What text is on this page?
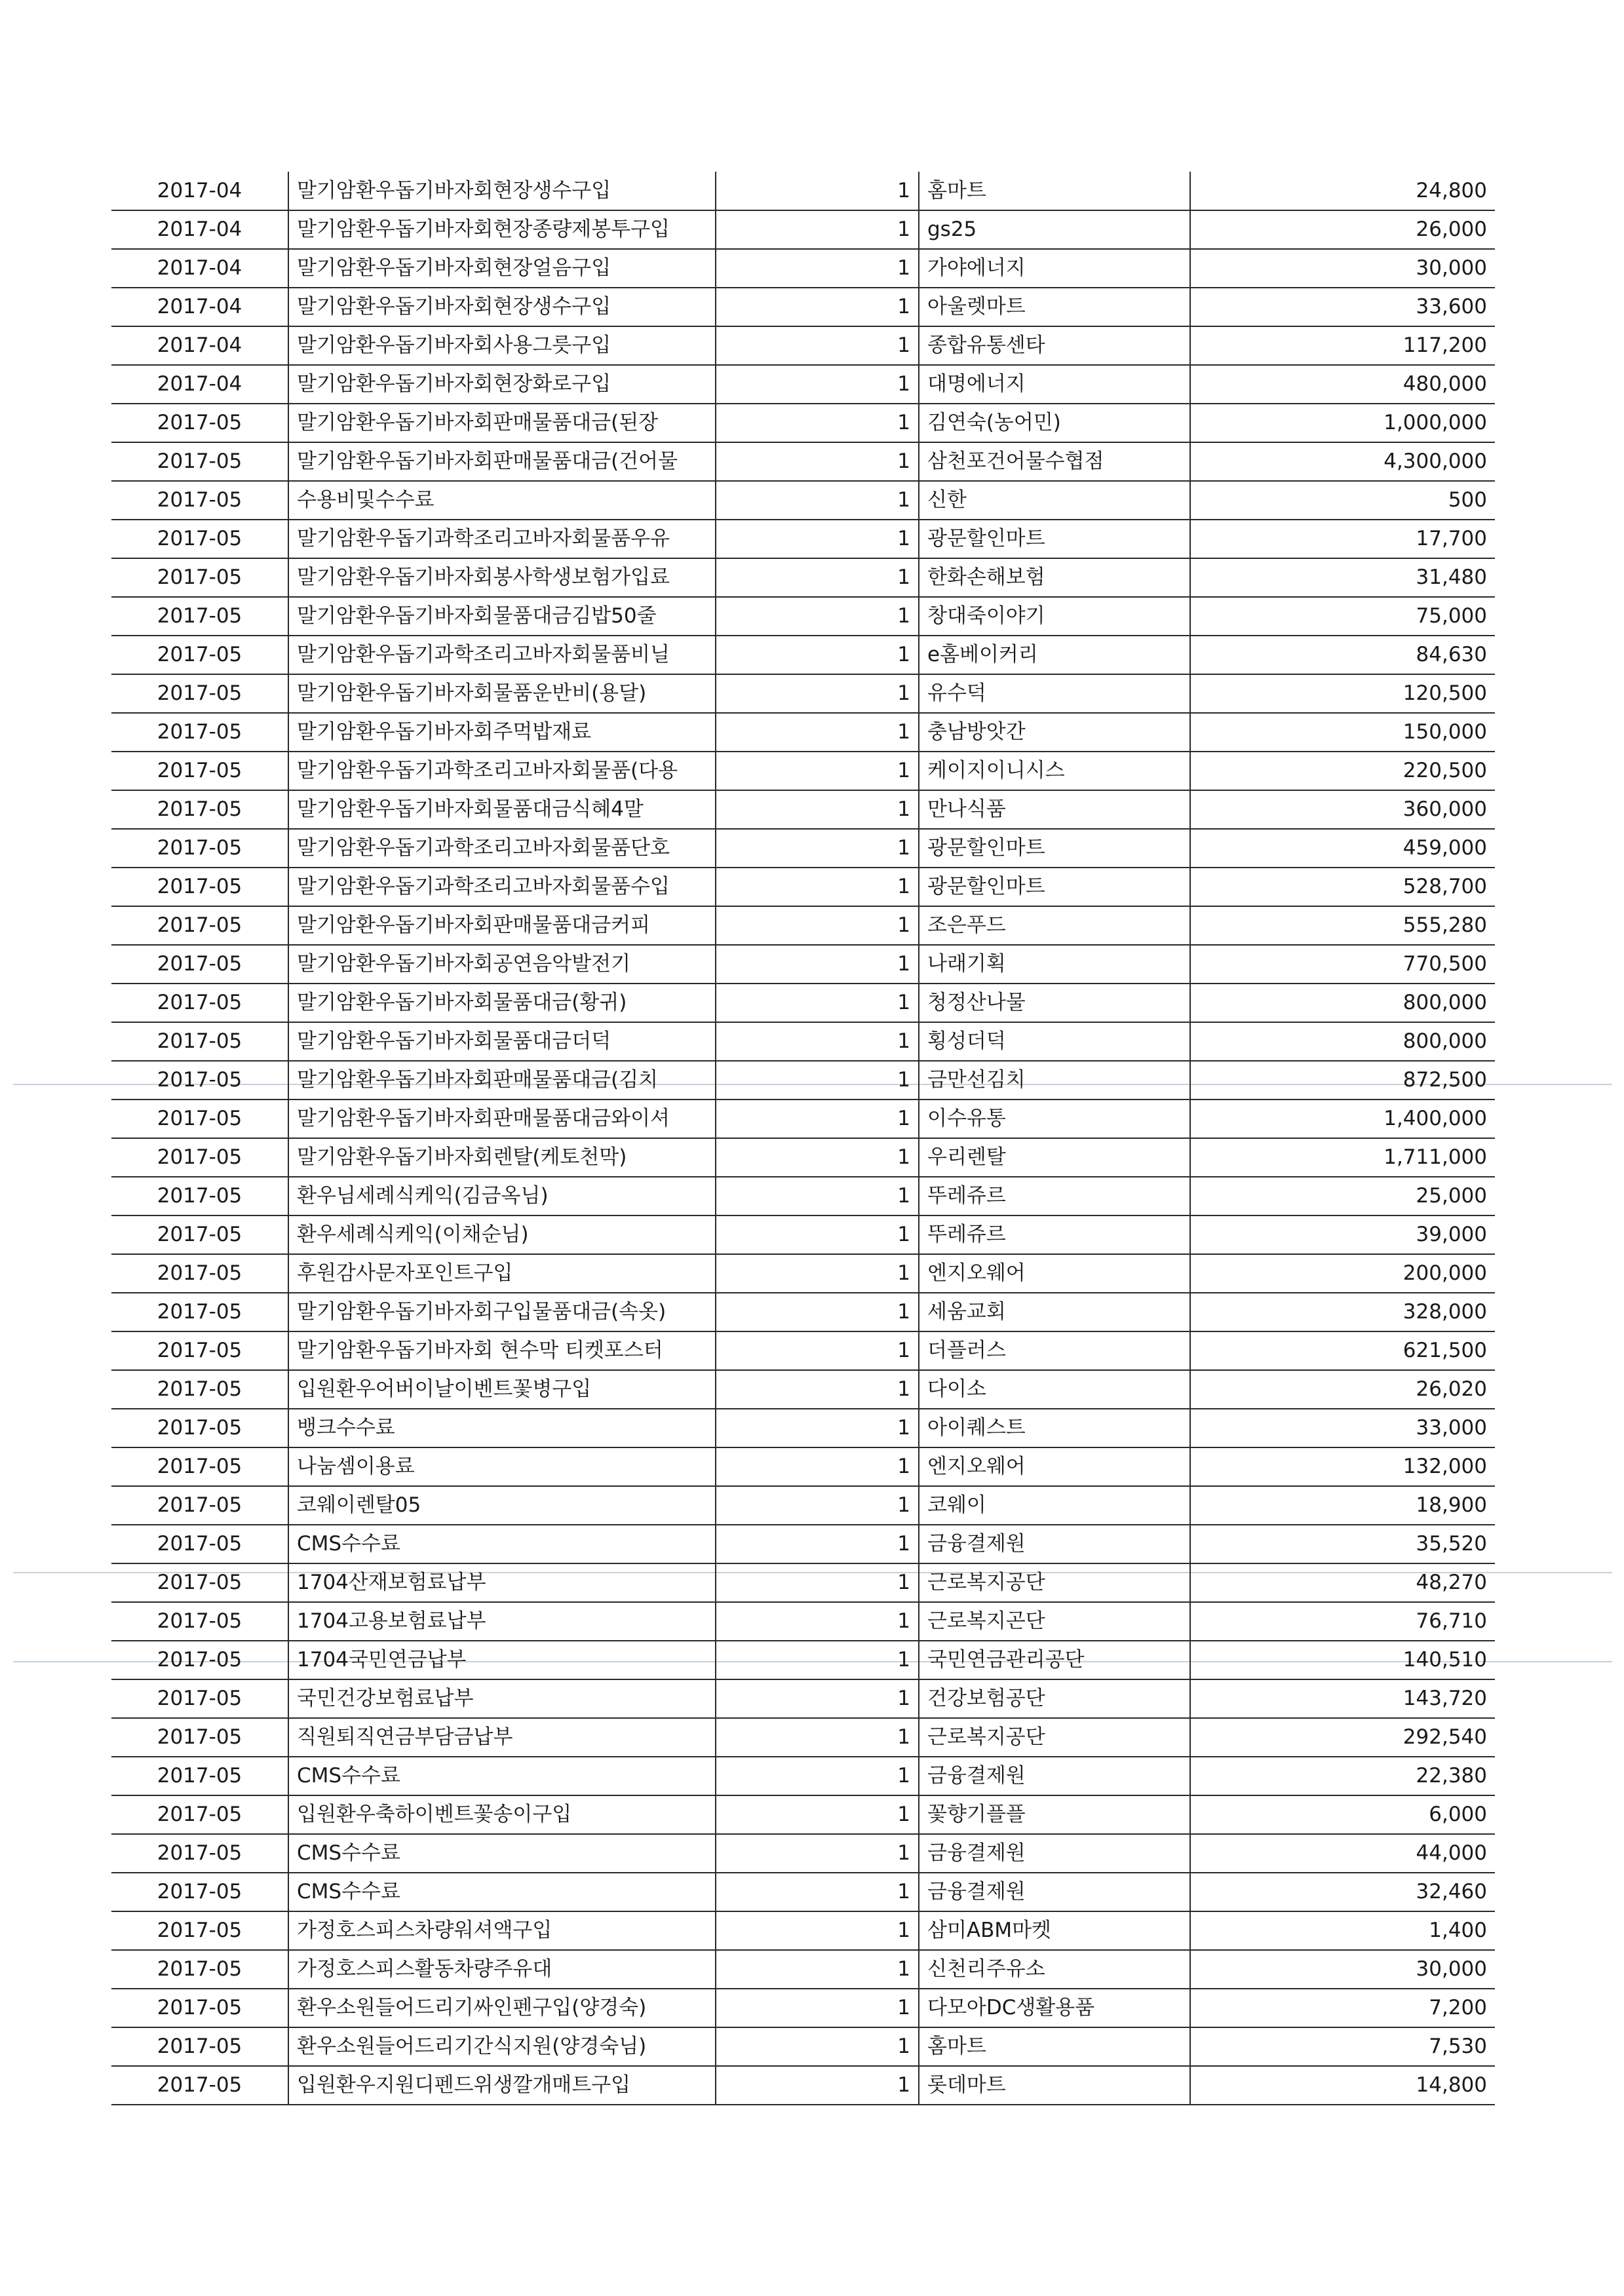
2017-04	말기암환우돕기바자회현장생수구입	1	홈마트	24,800
2017-04	말기암환우돕기바자회현장종량제봉투구입	1	gs25	26,000
2017-04	말기암환우돕기바자회현장얼음구입	1	가야에너지	30,000
2017-04	말기암환우돕기바자회현장생수구입	1	아울렛마트	33,600
2017-04	말기암환우돕기바자회사용그릇구입	1	종합유통센타	117,200
2017-04	말기암환우돕기바자회현장화로구입	1	대명에너지	480,000
2017-05	말기암환우돕기바자회판매물품대금(된장	1	김연숙(농어민)	1,000,000
2017-05	말기암환우돕기바자회판매물품대금(건어물	1	삼천포건어물수협점	4,300,000
2017-05	수용비및수수료	1	신한	500
2017-05	말기암환우돕기과학조리고바자회물품우유	1	광문할인마트	17,700
2017-05	말기암환우돕기바자회봉사학생보험가입료	1	한화손해보험	31,480
2017-05	말기암환우돕기바자회물품대금김밥50줄	1	창대죽이야기	75,000
2017-05	말기암환우돕기과학조리고바자회물품비닐	1	e홈베이커리	84,630
2017-05	말기암환우돕기바자회물품운반비(용달)	1	유수덕	120,500
2017-05	말기암환우돕기바자회주먹밥재료	1	충남방앗간	150,000
2017-05	말기암환우돕기과학조리고바자회물품(다용	1	케이지이니시스	220,500
2017-05	말기암환우돕기바자회물품대금식혜4말	1	만나식품	360,000
2017-05	말기암환우돕기과학조리고바자회물품단호	1	광문할인마트	459,000
2017-05	말기암환우돕기과학조리고바자회물품수입	1	광문할인마트	528,700
2017-05	말기암환우돕기바자회판매물품대금커피	1	조은푸드	555,280
2017-05	말기암환우돕기바자회공연음악발전기	1	나래기획	770,500
2017-05	말기암환우돕기바자회물품대금(황귀)	1	청정산나물	800,000
2017-05	말기암환우돕기바자회물품대금더덕	1	횡성더덕	800,000
2017-05	말기암환우돕기바자회판매물품대금(김치	1	금만선김치	872,500
2017-05	말기암환우돕기바자회판매물품대금와이셔	1	이수유통	1,400,000
2017-05	말기암환우돕기바자회렌탈(케토천막)	1	우리렌탈	1,711,000
2017-05	환우님세례식케익(김금옥님)	1	뚜레쥬르	25,000
2017-05	환우세례식케익(이채순님)	1	뚜레쥬르	39,000
2017-05	후원감사문자포인트구입	1	엔지오웨어	200,000
2017-05	말기암환우돕기바자회구입물품대금(속옷)	1	세움교회	328,000
2017-05	말기암환우돕기바자회 현수막 티켓포스터	1	더플러스	621,500
2017-05	입원환우어버이날이벤트꽃병구입	1	다이소	26,020
2017-05	뱅크수수료	1	아이퀘스트	33,000
2017-05	나눔셈이용료	1	엔지오웨어	132,000
2017-05	코웨이렌탈05	1	코웨이	18,900
2017-05	CMS수수료	1	금융결제원	35,520
2017-05	1704산재보험료납부	1	근로복지공단	48,270
2017-05	1704고용보험료납부	1	근로복지곤단	76,710
2017-05	1704국민연금납부	1	국민연금관리공단	140,510
2017-05	국민건강보험료납부	1	건강보험공단	143,720
2017-05	직원퇴직연금부담금납부	1	근로복지공단	292,540
2017-05	CMS수수료	1	금융결제원	22,380
2017-05	입원환우축하이벤트꽃송이구입	1	꽃향기플플	6,000
2017-05	CMS수수료	1	금융결제원	44,000
2017-05	CMS수수료	1	금융결제원	32,460
2017-05	가정호스피스차량워셔액구입	1	삼미ABM마켓	1,400
2017-05	가정호스피스활동차량주유대	1	신천리주유소	30,000
2017-05	환우소원들어드리기싸인펜구입(양경숙)	1	다모아DC생활용품	7,200
2017-05	환우소원들어드리기간식지원(양경숙님)	1	홈마트	7,530
2017-05	입원환우지원디펜드위생깔개매트구입	1	롯데마트	14,800
